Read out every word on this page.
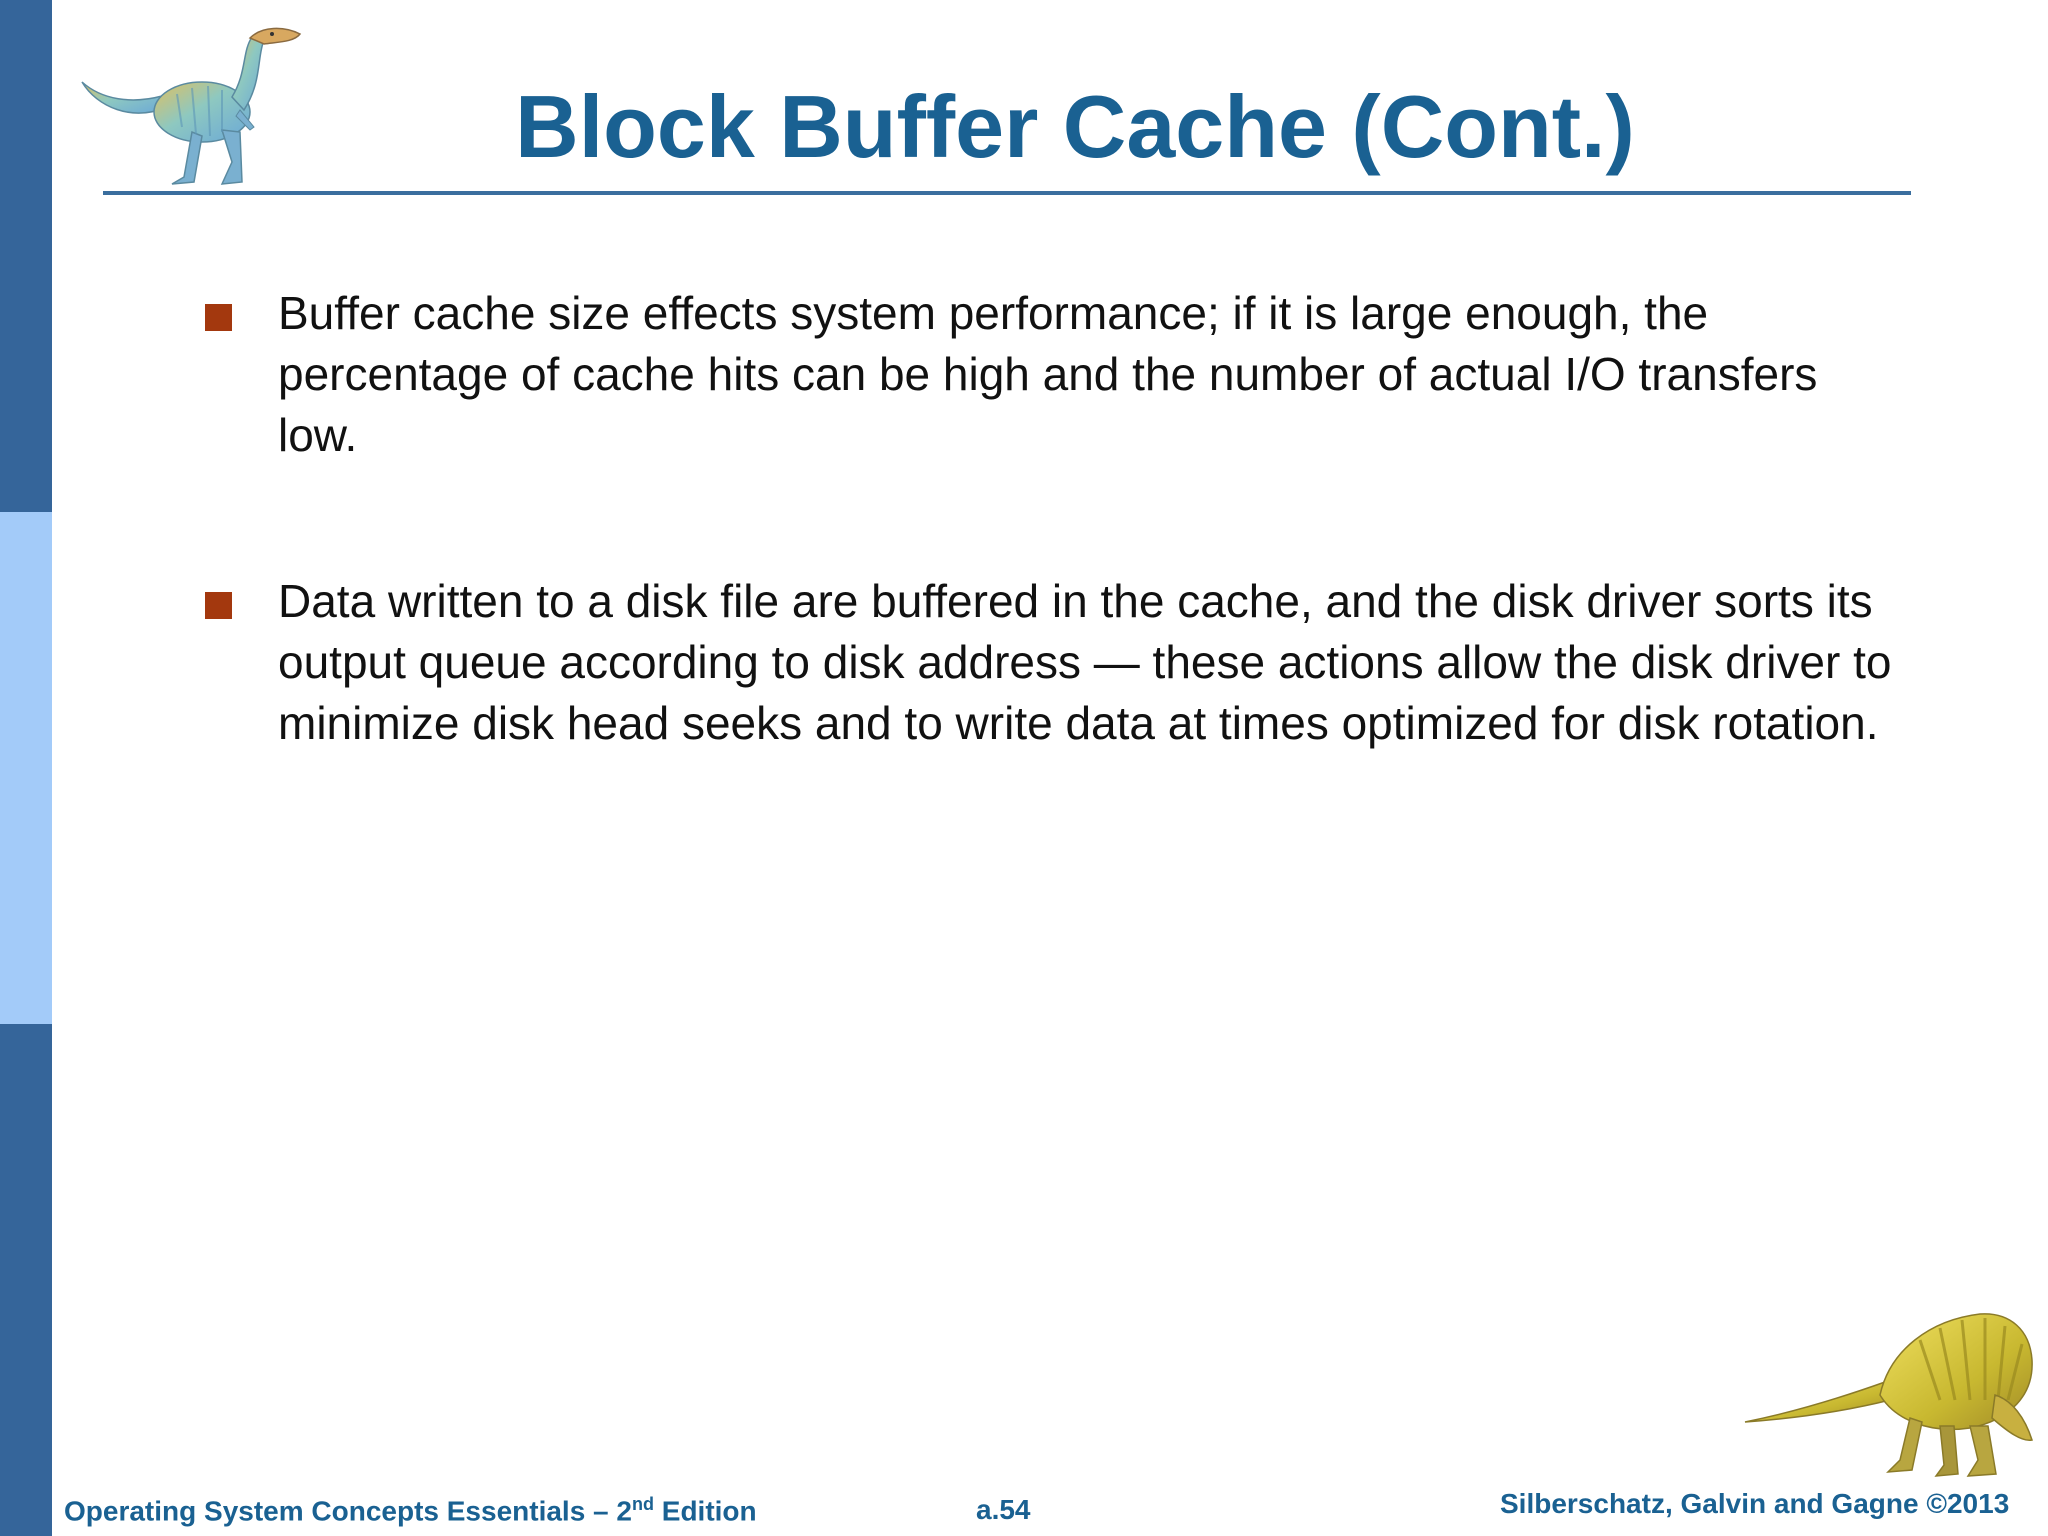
Block Buffer Cache (Cont.)
Buffer cache size effects system performance; if it is large enough, the percentage of cache hits can be high and the number of actual I/O transfers low.
Data written to a disk file are buffered in the cache, and the disk driver sorts its output queue according to disk address — these actions allow the disk driver to minimize disk head seeks and to write data at times optimized for disk rotation.
Operating System Concepts Essentials – 2nd Edition	a.54	Silberschatz, Galvin and Gagne ©2013
